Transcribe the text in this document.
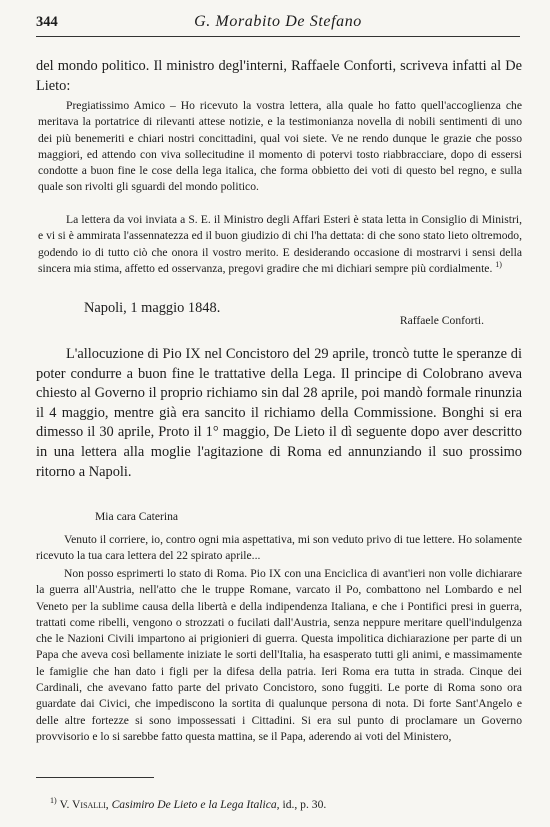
344	G. Morabito De Stefano

del mondo politico. Il ministro degl'interni, Raffaele Conforti, scriveva infatti al De Lieto:

Pregiatissimo Amico – Ho ricevuto la vostra lettera, alla quale ho fatto quell'accoglienza che meritava la portatrice di rilevanti attese notizie, e la testimonianza novella di nobili sentimenti di uno dei più benemeriti e chiari nostri concittadini, qual voi siete. Ve ne rendo dunque le grazie che posso maggiori, ed attendo con viva sollecitudine il momento di potervi tosto riabbracciare, dopo di essersi condotte a buon fine le cose della lega italica, che forma obbietto dei voti di questo bel regno, e sulla quale son rivolti gli sguardi del mondo politico.

La lettera da voi inviata a S. E. il Ministro degli Affari Esteri è stata letta in Consiglio di Ministri, e vi si è ammirata l'assennatezza ed il buon giudizio di chi l'ha dettata: di che sono stato lieto oltremodo, godendo io di tutto ciò che onora il vostro merito. E desiderando occasione di mostrarvi i sensi della sincera mia stima, affetto ed osservanza, pregovi gradire che mi dichiari sempre più cordialmente. $^{1)}$

Napoli, 1 maggio 1848.

Raffaele Conforti.

L'allocuzione di Pio IX nel Concistoro del 29 aprile, troncò tutte le speranze di poter condurre a buon fine le trattative della Lega. Il principe di Colobrano aveva chiesto al Governo il proprio richiamo sin dal 28 aprile, poi mandò formale rinunzia il 4 maggio, mentre già era sancito il richiamo della Commissione. Bonghi si era dimesso il 30 aprile, Proto il 1° maggio, De Lieto il dì seguente dopo aver descritto in una lettera alla moglie l'agitazione di Roma ed annunziando il suo prossimo ritorno a Napoli.

Mia cara Caterina

Venuto il corriere, io, contro ogni mia aspettativa, mi son veduto privo di tue lettere. Ho solamente ricevuto la tua cara lettera del 22 spirato aprile...

Non posso esprimerti lo stato di Roma. Pio IX con una Enciclica di avant'ieri non volle dichiarare la guerra all'Austria, nell'atto che le truppe Romane, varcato il Po, combattono nel Lombardo e nel Veneto per la sublime causa della libertà e della indipendenza Italiana, e che i Pontifici presi in guerra, trattati come ribelli, vengono o strozzati o fucilati dall'Austria, senza neppure meritare quell'indulgenza che le Nazioni Civili impartono ai prigionieri di guerra. Questa impolitica dichiarazione per parte di un Papa che aveva così bellamente iniziate le sorti dell'Italia, ha esasperato tutti gli animi, e massimamente le famiglie che han dato i figli per la difesa della patria. Ieri Roma era tutta in strada. Cinque dei Cardinali, che avevano fatto parte del privato Concistoro, sono fuggiti. Le porte di Roma sono ora guardate dai Civici, che impediscono la sortita di qualunque persona di nota. Di forte Sant'Angelo e delle altre fortezze si sono impossessati i Cittadini. Si era sul punto di proclamare un Governo provvisorio e lo si sarebbe fatto questa mattina, se il Papa, aderendo ai voti del Ministero,

$^{1)}$ V. Visalli, Casimiro De Lieto e la Lega Italica, id., p. 30.
